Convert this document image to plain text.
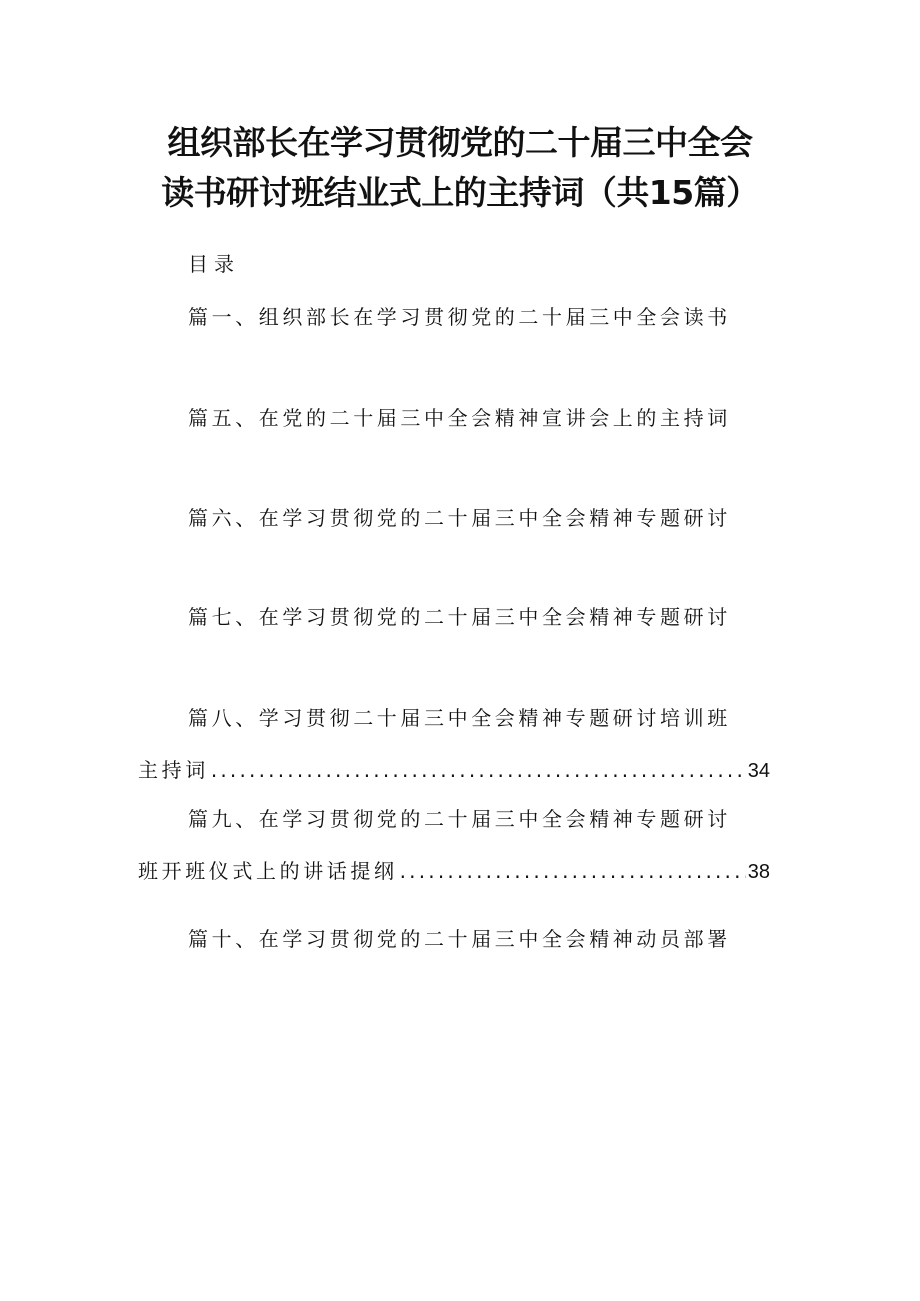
组织部长在学习贯彻党的二十届三中全会
读书研讨班结业式上的主持词（共15篇）
目录
篇一、组织部长在学习贯彻党的二十届三中全会读书
篇五、在党的二十届三中全会精神宣讲会上的主持词
篇六、在学习贯彻党的二十届三中全会精神专题研讨
篇七、在学习贯彻党的二十届三中全会精神专题研讨
篇八、学习贯彻二十届三中全会精神专题研讨培训班
主持词 .....	34
篇九、在学习贯彻党的二十届三中全会精神专题研讨
班开班仪式上的讲话提纲 .....	38
篇十、在学习贯彻党的二十届三中全会精神动员部署
